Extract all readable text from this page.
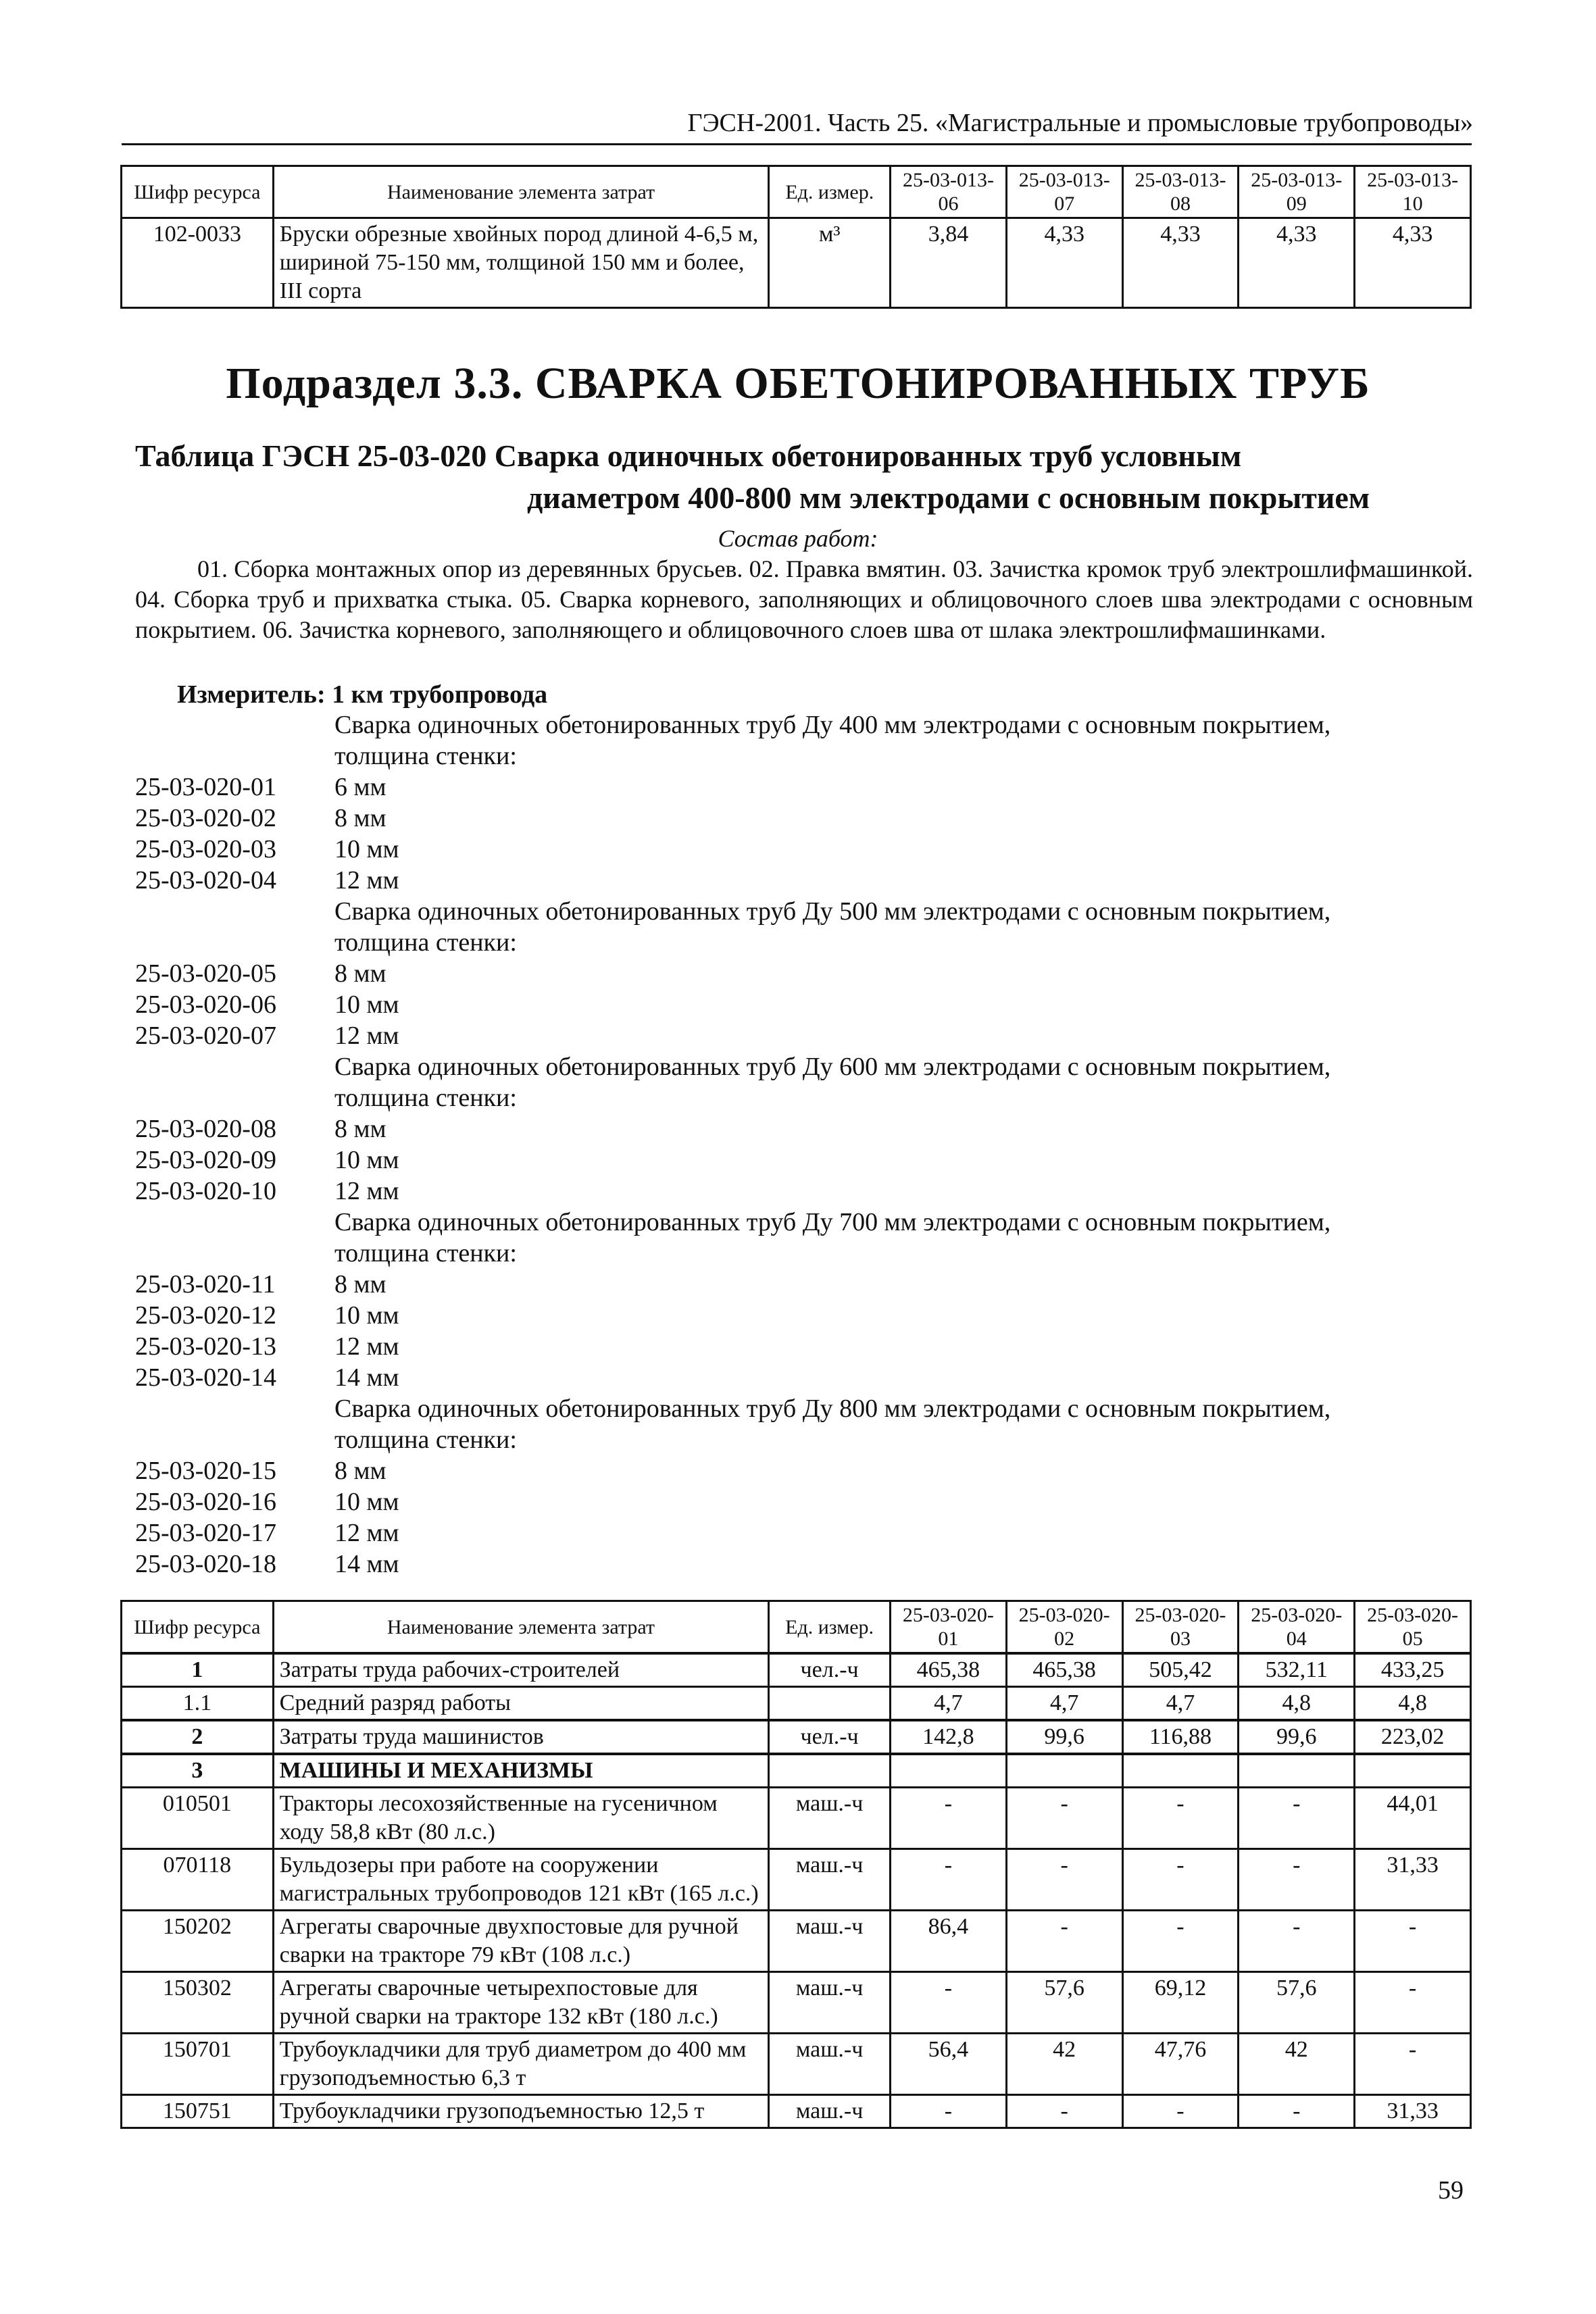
ГЭСН-2001. Часть 25. «Магистральные и промысловые трубопроводы»
Шифр ресурса	Наименование элемента затрат	Ед. измер.	25-03-013-06	25-03-013-07	25-03-013-08	25-03-013-09	25-03-013-10
102-0033	Бруски обрезные хвойных пород длиной 4-6,5 м, шириной 75-150 мм, толщиной 150 мм и более, III сорта	м³	3,84	4,33	4,33	4,33	4,33
Подраздел 3.3. СВАРКА ОБЕТОНИРОВАННЫХ ТРУБ
Таблица ГЭСН 25-03-020 Сварка одиночных обетонированных труб условным
диаметром 400-800 мм электродами с основным покрытием
Состав работ:

01. Сборка монтажных опор из деревянных брусьев. 02. Правка вмятин. 03. Зачистка кромок труб электрошлифмашинкой. 04. Сборка труб и прихватка стыка. 05. Сварка корневого, заполняющих и облицовочного слоев шва электродами с основным покрытием. 06. Зачистка корневого, заполняющего и облицовочного слоев шва от шлака электрошлифмашинками.

Измеритель: 1 км трубопровода
Сварка одиночных обетонированных труб Ду 400 мм электродами с основным покрытием,
толщина стенки:
25-03-020-01	6 мм
25-03-020-02	8 мм
25-03-020-03	10 мм
25-03-020-04	12 мм
Сварка одиночных обетонированных труб Ду 500 мм электродами с основным покрытием,
толщина стенки:
25-03-020-05	8 мм
25-03-020-06	10 мм
25-03-020-07	12 мм
Сварка одиночных обетонированных труб Ду 600 мм электродами с основным покрытием,
толщина стенки:
25-03-020-08	8 мм
25-03-020-09	10 мм
25-03-020-10	12 мм
Сварка одиночных обетонированных труб Ду 700 мм электродами с основным покрытием,
толщина стенки:
25-03-020-11	8 мм
25-03-020-12	10 мм
25-03-020-13	12 мм
25-03-020-14	14 мм
Сварка одиночных обетонированных труб Ду 800 мм электродами с основным покрытием,
толщина стенки:
25-03-020-15	8 мм
25-03-020-16	10 мм
25-03-020-17	12 мм
25-03-020-18	14 мм
Шифр ресурса	Наименование элемента затрат	Ед. измер.	25-03-020-01	25-03-020-02	25-03-020-03	25-03-020-04	25-03-020-05
1	Затраты труда рабочих-строителей	чел.-ч	465,38	465,38	505,42	532,11	433,25
1.1	Средний разряд работы		4,7	4,7	4,7	4,8	4,8
2	Затраты труда машинистов	чел.-ч	142,8	99,6	116,88	99,6	223,02
3	МАШИНЫ И МЕХАНИЗМЫ						
010501	Тракторы лесохозяйственные на гусеничном ходу 58,8 кВт (80 л.с.)	маш.-ч	-	-	-	-	44,01
070118	Бульдозеры при работе на сооружении магистральных трубопроводов 121 кВт (165 л.с.)	маш.-ч	-	-	-	-	31,33
150202	Агрегаты сварочные двухпостовые для ручной сварки на тракторе 79 кВт (108 л.с.)	маш.-ч	86,4	-	-	-	-
150302	Агрегаты сварочные четырехпостовые для ручной сварки на тракторе 132 кВт (180 л.с.)	маш.-ч	-	57,6	69,12	57,6	-
150701	Трубоукладчики для труб диаметром до 400 мм грузоподъемностью 6,3 т	маш.-ч	56,4	42	47,76	42	-
150751	Трубоукладчики грузоподъемностью 12,5 т	маш.-ч	-	-	-	-	31,33
59
